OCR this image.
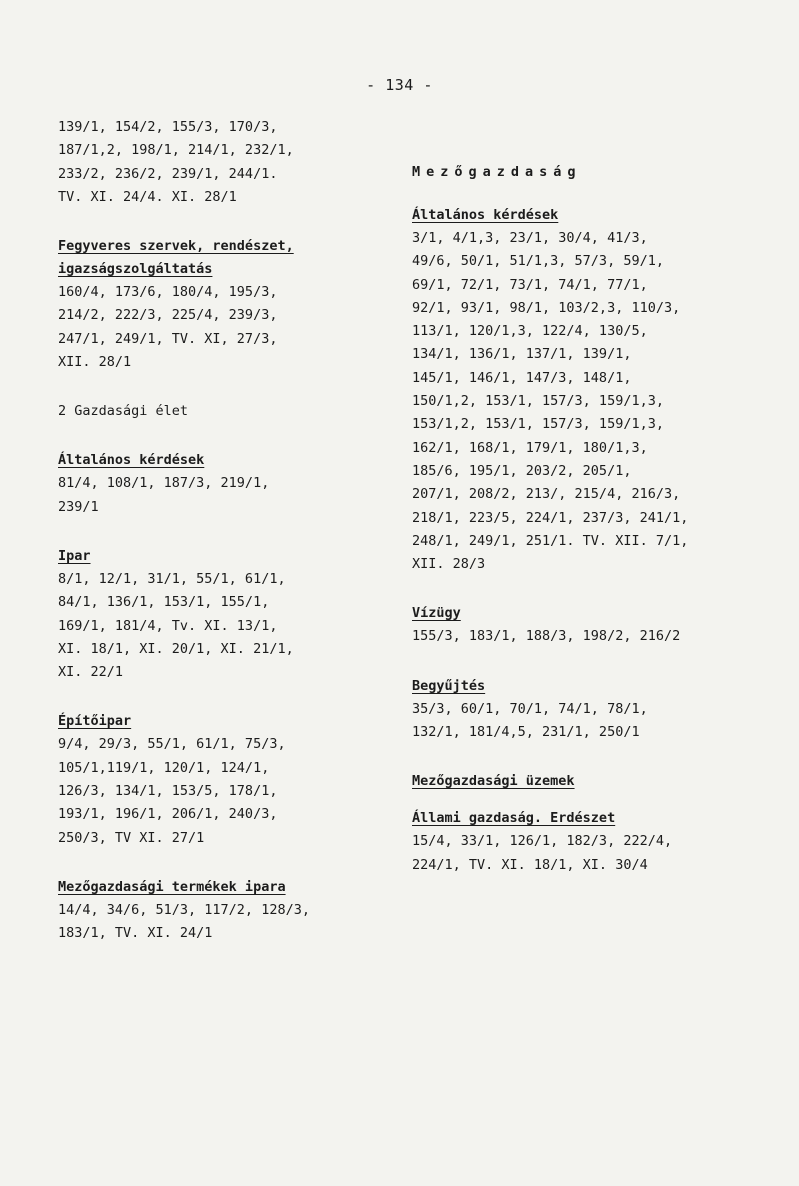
- 134 -
139/1, 154/2, 155/3, 170/3,
187/1,2, 198/1, 214/1, 232/1,
233/2, 236/2, 239/1, 244/1.
TV. XI. 24/4. XI. 28/1
Fegyveres szervek, rendészet, igazságszolgáltatás
160/4, 173/6, 180/4, 195/3,
214/2, 222/3, 225/4, 239/3,
247/1, 249/1, TV. XI, 27/3,
XII. 28/1
2 Gazdasági élet
Általános kérdések
81/4, 108/1, 187/3, 219/1,
239/1
Ipar
8/1, 12/1, 31/1, 55/1, 61/1,
84/1, 136/1, 153/1, 155/1,
169/1, 181/4, Tv. XI. 13/1,
XI. 18/1, XI. 20/1, XI. 21/1,
XI. 22/1
Építőipar
9/4, 29/3, 55/1, 61/1, 75/3,
105/1,119/1, 120/1, 124/1,
126/3, 134/1, 153/5, 178/1,
193/1, 196/1, 206/1, 240/3,
250/3, TV XI. 27/1
Mezőgazdasági termékek ipara
14/4, 34/6, 51/3, 117/2, 128/3,
183/1, TV. XI. 24/1
Mezőgazdaság
Általános kérdések
3/1, 4/1,3, 23/1, 30/4, 41/3,
49/6, 50/1, 51/1,3, 57/3, 59/1,
69/1, 72/1, 73/1, 74/1, 77/1,
92/1, 93/1, 98/1, 103/2,3, 110/3,
113/1, 120/1,3, 122/4, 130/5,
134/1, 136/1, 137/1, 139/1,
145/1, 146/1, 147/3, 148/1,
150/1,2, 153/1, 157/3, 159/1,3,
153/1,2, 153/1, 157/3, 159/1,3,
162/1, 168/1, 179/1, 180/1,3,
185/6, 195/1, 203/2, 205/1,
207/1, 208/2, 213/, 215/4, 216/3,
218/1, 223/5, 224/1, 237/3, 241/1,
248/1, 249/1, 251/1. TV. XII. 7/1,
XII. 28/3
Vízügy
155/3, 183/1, 188/3, 198/2, 216/2
Begyűjtés
35/3, 60/1, 70/1, 74/1, 78/1,
132/1, 181/4,5, 231/1, 250/1
Mezőgazdasági üzemek
Állami gazdaság. Erdészet
15/4, 33/1, 126/1, 182/3, 222/4,
224/1, TV. XI. 18/1, XI. 30/4
